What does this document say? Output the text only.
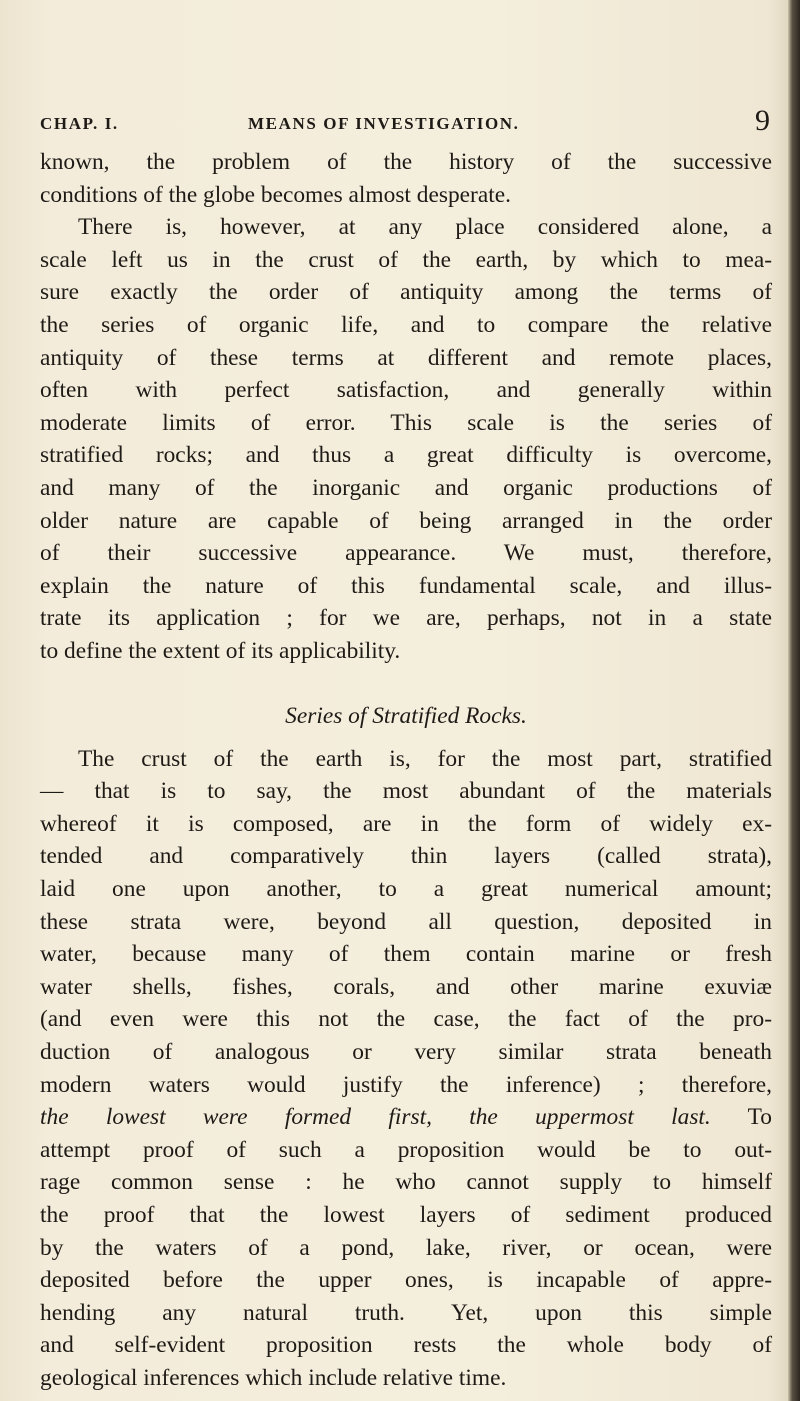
CHAP. I.	MEANS OF INVESTIGATION.	9
known, the problem of the history of the successive
conditions of the globe becomes almost desperate.
There is, however, at any place considered alone, a
scale left us in the crust of the earth, by which to mea-
sure exactly the order of antiquity among the terms of
the series of organic life, and to compare the relative
antiquity of these terms at different and remote places,
often with perfect satisfaction, and generally within
moderate limits of error. This scale is the series of
stratified rocks; and thus a great difficulty is overcome,
and many of the inorganic and organic productions of
older nature are capable of being arranged in the order
of their successive appearance. We must, therefore,
explain the nature of this fundamental scale, and illus-
trate its application ; for we are, perhaps, not in a state
to define the extent of its applicability.
Series of Stratified Rocks.
The crust of the earth is, for the most part, stratified
— that is to say, the most abundant of the materials
whereof it is composed, are in the form of widely ex-
tended and comparatively thin layers (called strata),
laid one upon another, to a great numerical amount;
these strata were, beyond all question, deposited in
water, because many of them contain marine or fresh
water shells, fishes, corals, and other marine exuviæ
(and even were this not the case, the fact of the pro-
duction of analogous or very similar strata beneath
modern waters would justify the inference) ; therefore,
the lowest were formed first, the uppermost last. To
attempt proof of such a proposition would be to out-
rage common sense : he who cannot supply to himself
the proof that the lowest layers of sediment produced
by the waters of a pond, lake, river, or ocean, were
deposited before the upper ones, is incapable of appre-
hending any natural truth. Yet, upon this simple
and self-evident proposition rests the whole body of
geological inferences which include relative time.
